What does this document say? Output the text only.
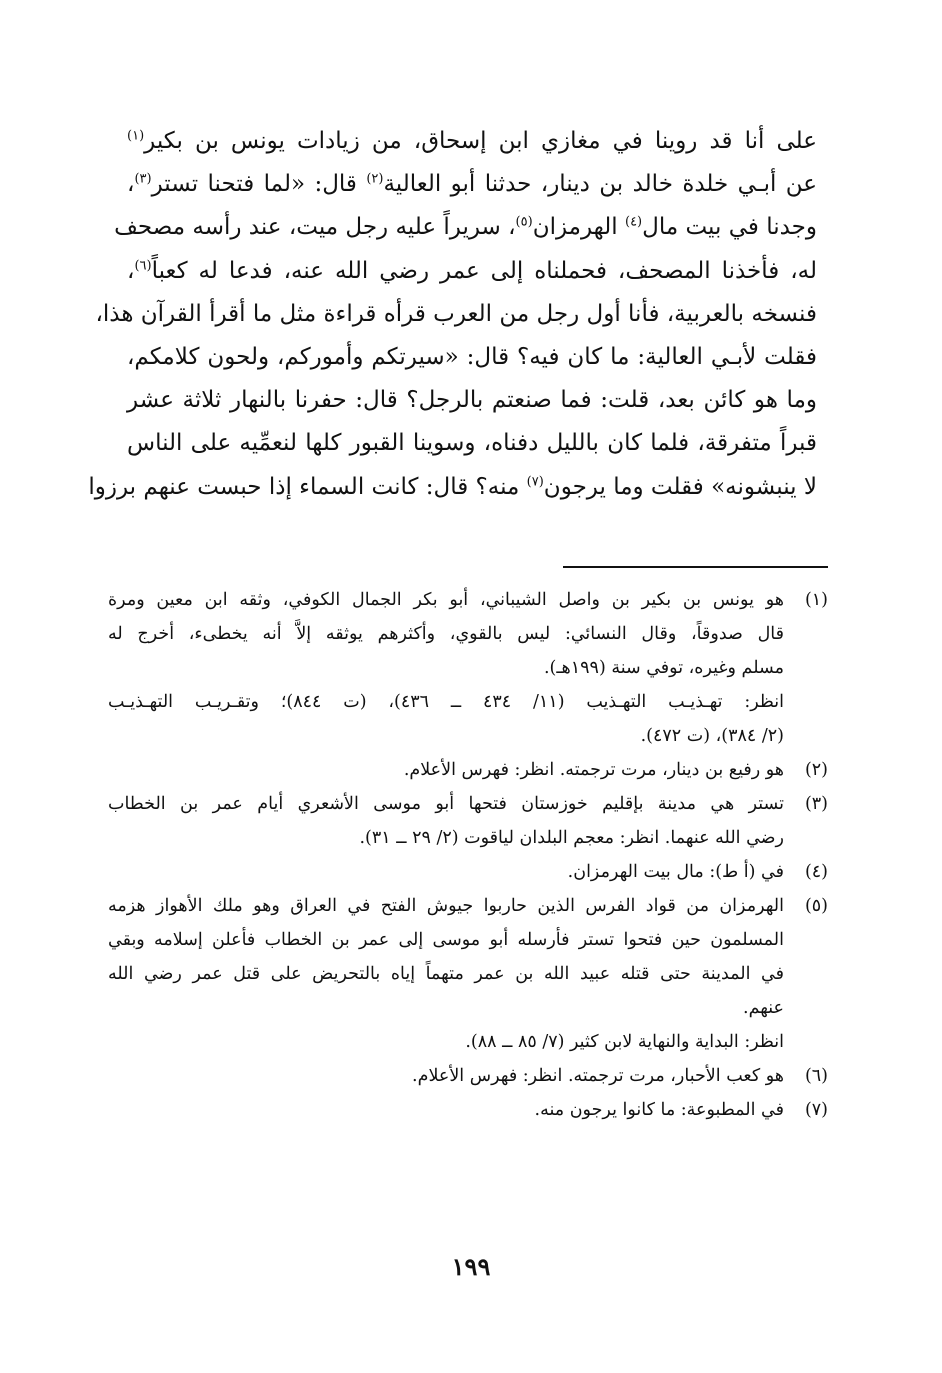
على أنا قد روينا في مغازي ابن إسحاق، من زيادات يونس بن بكير$^{(١)}$
عن أبـي خلدة خالد بن دينار، حدثنا أبو العالية$^{(٢)}$ قال: «لما فتحنا تستر$^{(٣)}$،
وجدنا في بيت مال$^{(٤)}$ الهرمزان$^{(٥)}$، سريراً عليه رجل ميت، عند رأسه مصحف
له، فأخذنا المصحف، فحملناه إلى عمر رضي الله عنه، فدعا له كعباً$^{(٦)}$،
فنسخه بالعربية، فأنا أول رجل من العرب قرأه قراءة مثل ما أقرأ القرآن هذا،
فقلت لأبـي العالية: ما كان فيه؟ قال: «سيرتكم وأموركم، ولحون كلامكم،
وما هو كائن بعد، قلت: فما صنعتم بالرجل؟ قال: حفرنا بالنهار ثلاثة عشر
قبراً متفرقة، فلما كان بالليل دفناه، وسوينا القبور كلها لنعمِّيه على الناس
لا ينبشونه» فقلت وما يرجون$^{(٧)}$ منه؟ قال: كانت السماء إذا حبست عنهم برزوا
(١)
هو يونس بن بكير بن واصل الشيباني، أبو بكر الجمال الكوفي، وثقه ابن معين ومرة
قال صدوقاً، وقال النسائي: ليس بالقوي، وأكثرهم يوثقه إلاَّ أنه يخطىء، أخرج له
مسلم وغيره، توفي سنة (١٩٩هـ).
انظر: تهـذيـب التهـذيب (١١/ ٤٣٤ ــ ٤٣٦)، (ت ٨٤٤)؛ وتقـريـب التهـذيـب
(٢/ ٣٨٤)، (ت ٤٧٢).
(٢)
هو رفيع بن دينار، مرت ترجمته. انظر: فهرس الأعلام.
(٣)
تستر هي مدينة بإقليم خوزستان فتحها أبو موسى الأشعري أيام عمر بن الخطاب
رضي الله عنهما. انظر: معجم البلدان لياقوت (٢/ ٢٩ ــ ٣١).
(٤)
في (أ ط): مال بيت الهرمزان.
(٥)
الهرمزان من قواد الفرس الذين حاربوا جيوش الفتح في العراق وهو ملك الأهواز هزمه
المسلمون حين فتحوا تستر فأرسله أبو موسى إلى عمر بن الخطاب فأعلن إسلامه وبقي
في المدينة حتى قتله عبيد الله بن عمر متهماً إياه بالتحريض على قتل عمر رضي الله
عنهم.
انظر: البداية والنهاية لابن كثير (٧/ ٨٥ ــ ٨٨).
(٦)
هو كعب الأحبار، مرت ترجمته. انظر: فهرس الأعلام.
(٧)
في المطبوعة: ما كانوا يرجون منه.
١٩٩
